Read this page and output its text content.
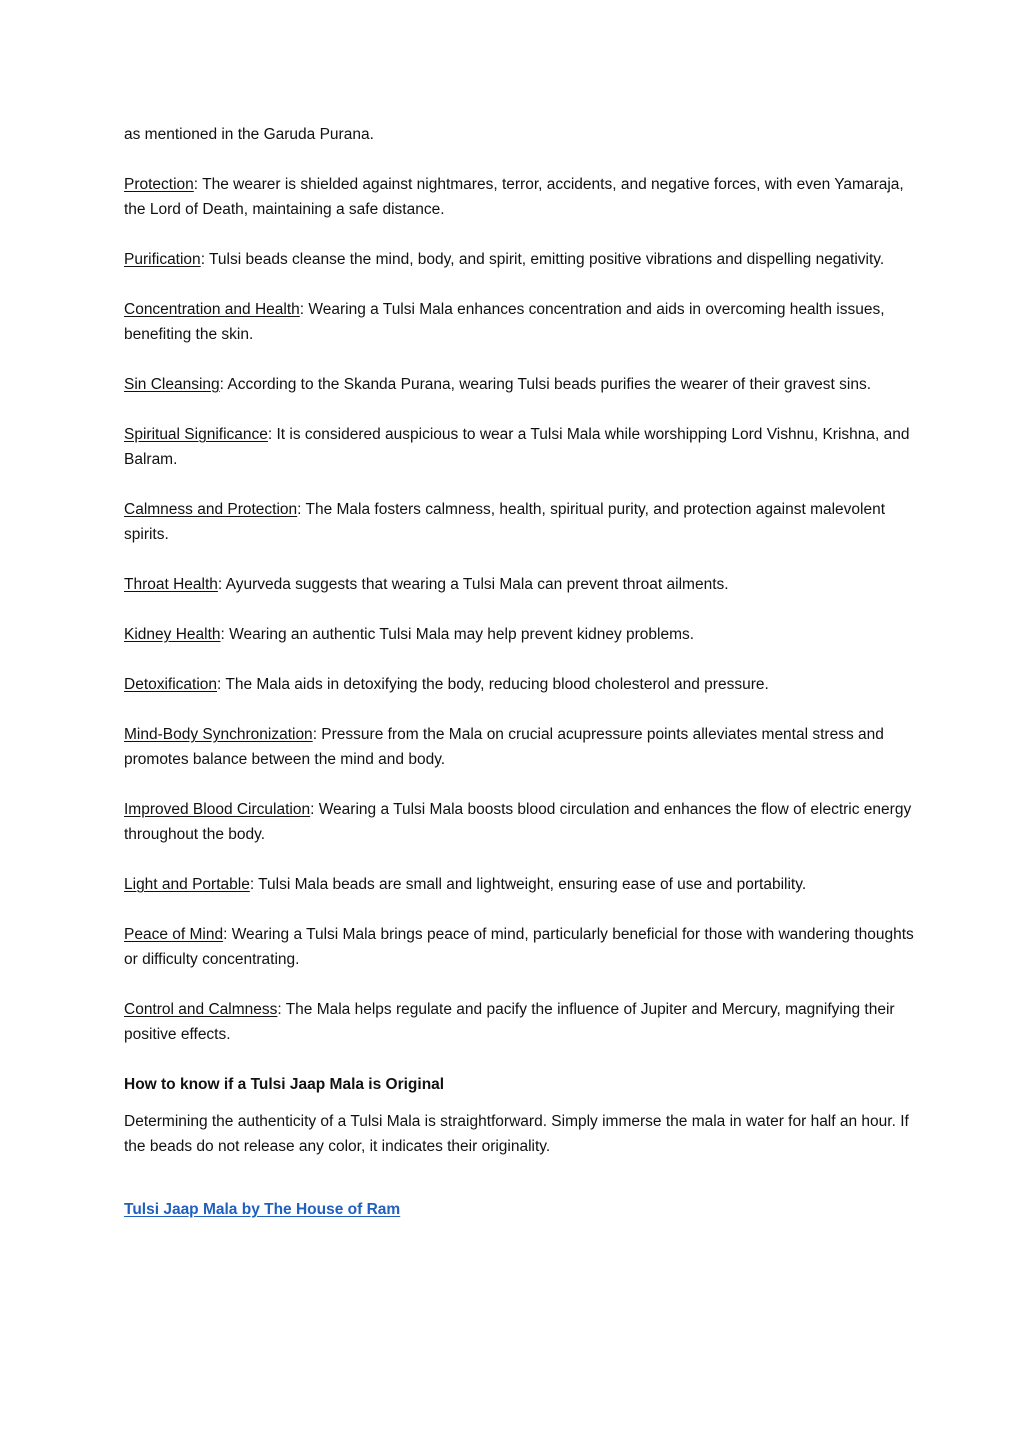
as mentioned in the Garuda Purana.

Protection: The wearer is shielded against nightmares, terror, accidents, and negative forces, with even Yamaraja, the Lord of Death, maintaining a safe distance.

Purification: Tulsi beads cleanse the mind, body, and spirit, emitting positive vibrations and dispelling negativity.

Concentration and Health: Wearing a Tulsi Mala enhances concentration and aids in overcoming health issues, benefiting the skin.

Sin Cleansing: According to the Skanda Purana, wearing Tulsi beads purifies the wearer of their gravest sins.

Spiritual Significance: It is considered auspicious to wear a Tulsi Mala while worshipping Lord Vishnu, Krishna, and Balram.

Calmness and Protection: The Mala fosters calmness, health, spiritual purity, and protection against malevolent spirits.

Throat Health: Ayurveda suggests that wearing a Tulsi Mala can prevent throat ailments.

Kidney Health: Wearing an authentic Tulsi Mala may help prevent kidney problems.

Detoxification: The Mala aids in detoxifying the body, reducing blood cholesterol and pressure.

Mind-Body Synchronization: Pressure from the Mala on crucial acupressure points alleviates mental stress and promotes balance between the mind and body.

Improved Blood Circulation: Wearing a Tulsi Mala boosts blood circulation and enhances the flow of electric energy throughout the body.

Light and Portable: Tulsi Mala beads are small and lightweight, ensuring ease of use and portability.

Peace of Mind: Wearing a Tulsi Mala brings peace of mind, particularly beneficial for those with wandering thoughts or difficulty concentrating.

Control and Calmness: The Mala helps regulate and pacify the influence of Jupiter and Mercury, magnifying their positive effects.

How to know if a Tulsi Jaap Mala is Original

Determining the authenticity of a Tulsi Mala is straightforward. Simply immerse the mala in water for half an hour. If the beads do not release any color, it indicates their originality.

Tulsi Jaap Mala by The House of Ram
